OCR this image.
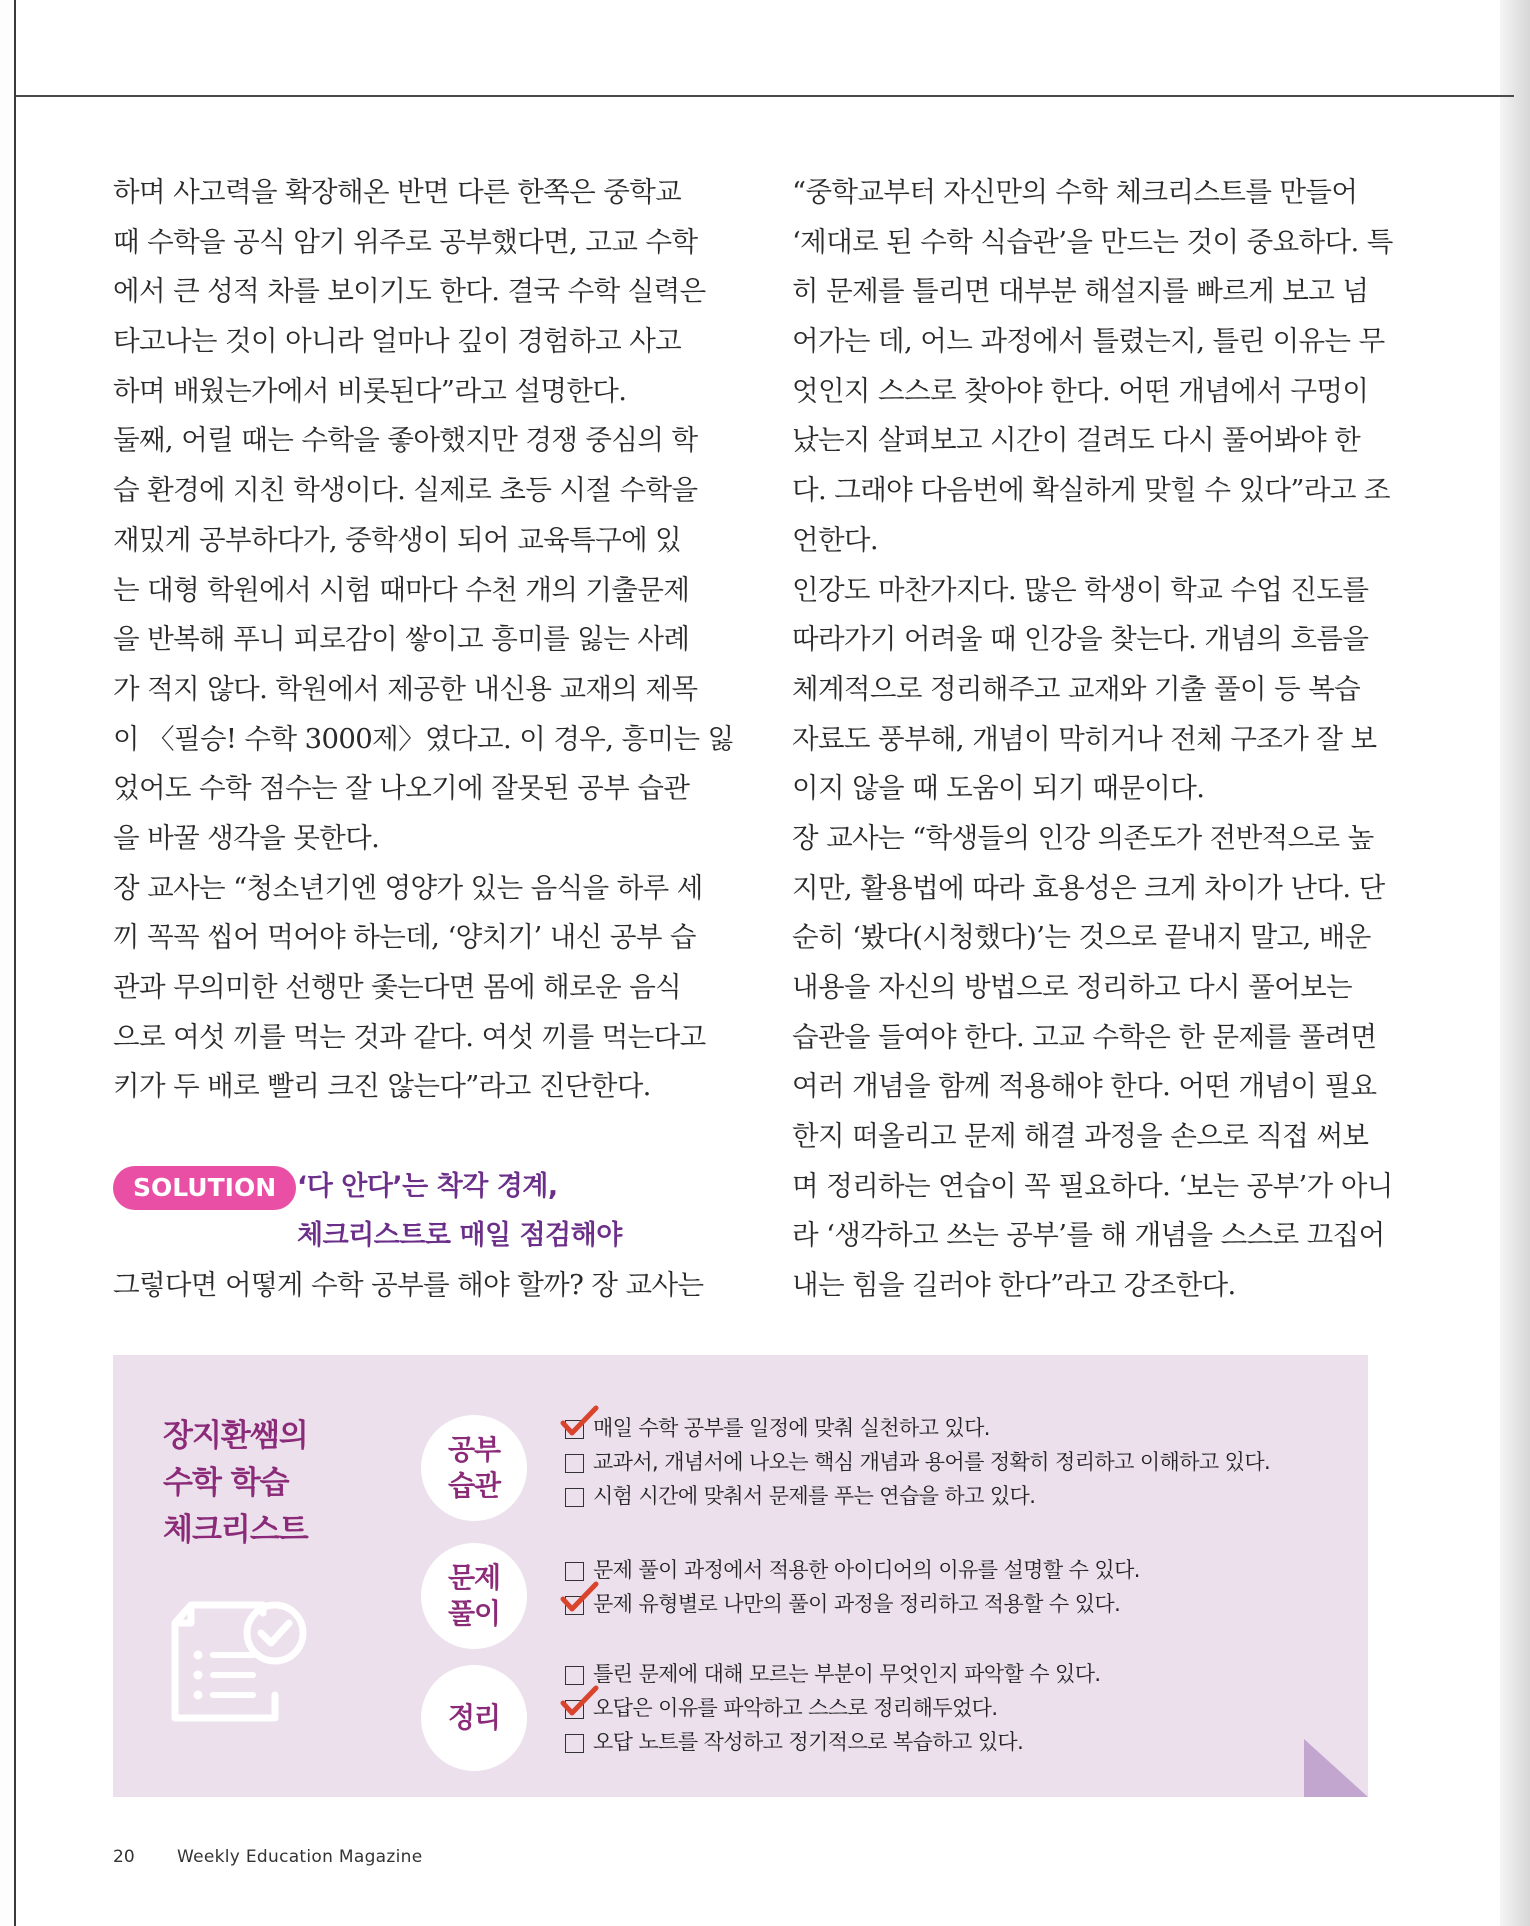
하며 사고력을 확장해온 반면 다른 한쪽은 중학교
때 수학을 공식 암기 위주로 공부했다면, 고교 수학
에서 큰 성적 차를 보이기도 한다. 결국 수학 실력은
타고나는 것이 아니라 얼마나 깊이 경험하고 사고
하며 배웠는가에서 비롯된다”라고 설명한다.
둘째, 어릴 때는 수학을 좋아했지만 경쟁 중심의 학
습 환경에 지친 학생이다. 실제로 초등 시절 수학을
재밌게 공부하다가, 중학생이 되어 교육특구에 있
는 대형 학원에서 시험 때마다 수천 개의 기출문제
을 반복해 푸니 피로감이 쌓이고 흥미를 잃는 사례
가 적지 않다. 학원에서 제공한 내신용 교재의 제목
이 〈필승! 수학 3000제〉였다고. 이 경우, 흥미는 잃
었어도 수학 점수는 잘 나오기에 잘못된 공부 습관
을 바꿀 생각을 못한다.
장 교사는 “청소년기엔 영양가 있는 음식을 하루 세
끼 꼭꼭 씹어 먹어야 하는데, ‘양치기’ 내신 공부 습
관과 무의미한 선행만 좇는다면 몸에 해로운 음식
으로 여섯 끼를 먹는 것과 같다. 여섯 끼를 먹는다고
키가 두 배로 빨리 크진 않는다”라고 진단한다.
SOLUTION ‘다 안다’는 착각 경계,
체크리스트로 매일 점검해야
그렇다면 어떻게 수학 공부를 해야 할까? 장 교사는
“중학교부터 자신만의 수학 체크리스트를 만들어
‘제대로 된 수학 식습관’을 만드는 것이 중요하다. 특
히 문제를 틀리면 대부분 해설지를 빠르게 보고 넘
어가는 데, 어느 과정에서 틀렸는지, 틀린 이유는 무
엇인지 스스로 찾아야 한다. 어떤 개념에서 구멍이
났는지 살펴보고 시간이 걸려도 다시 풀어봐야 한
다. 그래야 다음번에 확실하게 맞힐 수 있다”라고 조
언한다.
인강도 마찬가지다. 많은 학생이 학교 수업 진도를
따라가기 어려울 때 인강을 찾는다. 개념의 흐름을
체계적으로 정리해주고 교재와 기출 풀이 등 복습
자료도 풍부해, 개념이 막히거나 전체 구조가 잘 보
이지 않을 때 도움이 되기 때문이다.
장 교사는 “학생들의 인강 의존도가 전반적으로 높
지만, 활용법에 따라 효용성은 크게 차이가 난다. 단
순히 ‘봤다(시청했다)’는 것으로 끝내지 말고, 배운
내용을 자신의 방법으로 정리하고 다시 풀어보는
습관을 들여야 한다. 고교 수학은 한 문제를 풀려면
여러 개념을 함께 적용해야 한다. 어떤 개념이 필요
한지 떠올리고 문제 해결 과정을 손으로 직접 써보
며 정리하는 연습이 꼭 필요하다. ‘보는 공부’가 아니
라 ‘생각하고 쓰는 공부’를 해 개념을 스스로 끄집어
내는 힘을 길러야 한다”라고 강조한다.
장지환쌤의
수학 학습
체크리스트
공부
습관
문제
풀이
정리
매일 수학 공부를 일정에 맞춰 실천하고 있다.
교과서, 개념서에 나오는 핵심 개념과 용어를 정확히 정리하고 이해하고 있다.
시험 시간에 맞춰서 문제를 푸는 연습을 하고 있다.
문제 풀이 과정에서 적용한 아이디어의 이유를 설명할 수 있다.
문제 유형별로 나만의 풀이 과정을 정리하고 적용할 수 있다.
틀린 문제에 대해 모르는 부분이 무엇인지 파악할 수 있다.
오답은 이유를 파악하고 스스로 정리해두었다.
오답 노트를 작성하고 정기적으로 복습하고 있다.
20 Weekly Education Magazine
